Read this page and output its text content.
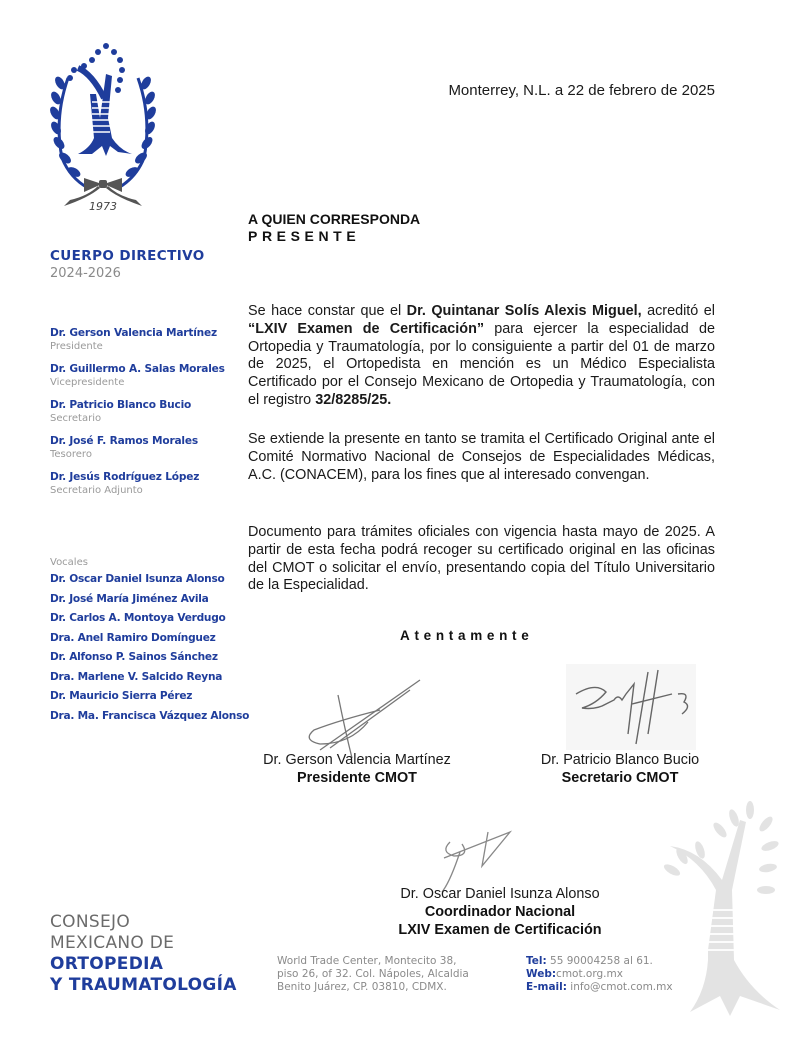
1973
CUERPO DIRECTIVO
2024-2026
Dr. Gerson Valencia Martínez
Presidente
Dr. Guillermo A. Salas Morales
Vicepresidente
Dr. Patricio Blanco Bucio
Secretario
Dr. José F. Ramos Morales
Tesorero
Dr. Jesús Rodríguez López
Secretario Adjunto
Vocales
Dr. Oscar Daniel Isunza Alonso
Dr. José María Jiménez Avila
Dr. Carlos A. Montoya Verdugo
Dra. Anel Ramiro Domínguez
Dr. Alfonso P. Sainos Sánchez
Dra. Marlene V. Salcido Reyna
Dr. Mauricio Sierra Pérez
Dra. Ma. Francisca Vázquez Alonso
Monterrey, N.L. a 22 de febrero de 2025
A QUIEN CORRESPONDA
PRESENTE
Se hace constar que el Dr. Quintanar Solís Alexis Miguel, acreditó el “LXIV Examen de Certificación” para ejercer la especialidad de Ortopedia y Traumatología, por lo consiguiente a partir del 01 de marzo de 2025, el Ortopedista en mención es un Médico Especialista Certificado por el Consejo Mexicano de Ortopedia y Traumatología, con el registro 32/8285/25.
Se extiende la presente en tanto se tramita el Certificado Original ante el Comité Normativo Nacional de Consejos de Especialidades Médicas, A.C. (CONACEM), para los fines que al interesado convengan.
Documento para trámites oficiales con vigencia hasta mayo de 2025. A partir de esta fecha podrá recoger su certificado original en las oficinas del CMOT o solicitar el envío, presentando copia del Título Universitario de la Especialidad.
Atentamente
Dr. Gerson Valencia Martínez
Presidente CMOT
Dr. Patricio Blanco Bucio
Secretario CMOT
Dr. Oscar Daniel Isunza Alonso
Coordinador Nacional
LXIV Examen de Certificación
CONSEJO
MEXICANO DE
ORTOPEDIA
Y TRAUMATOLOGÍA
World Trade Center, Montecito 38,
piso 26, of 32. Col. Nápoles, Alcaldia
Benito Juárez, CP. 03810, CDMX.
Tel: 55 90004258 al 61.
Web:cmot.org.mx
E-mail: info@cmot.com.mx
